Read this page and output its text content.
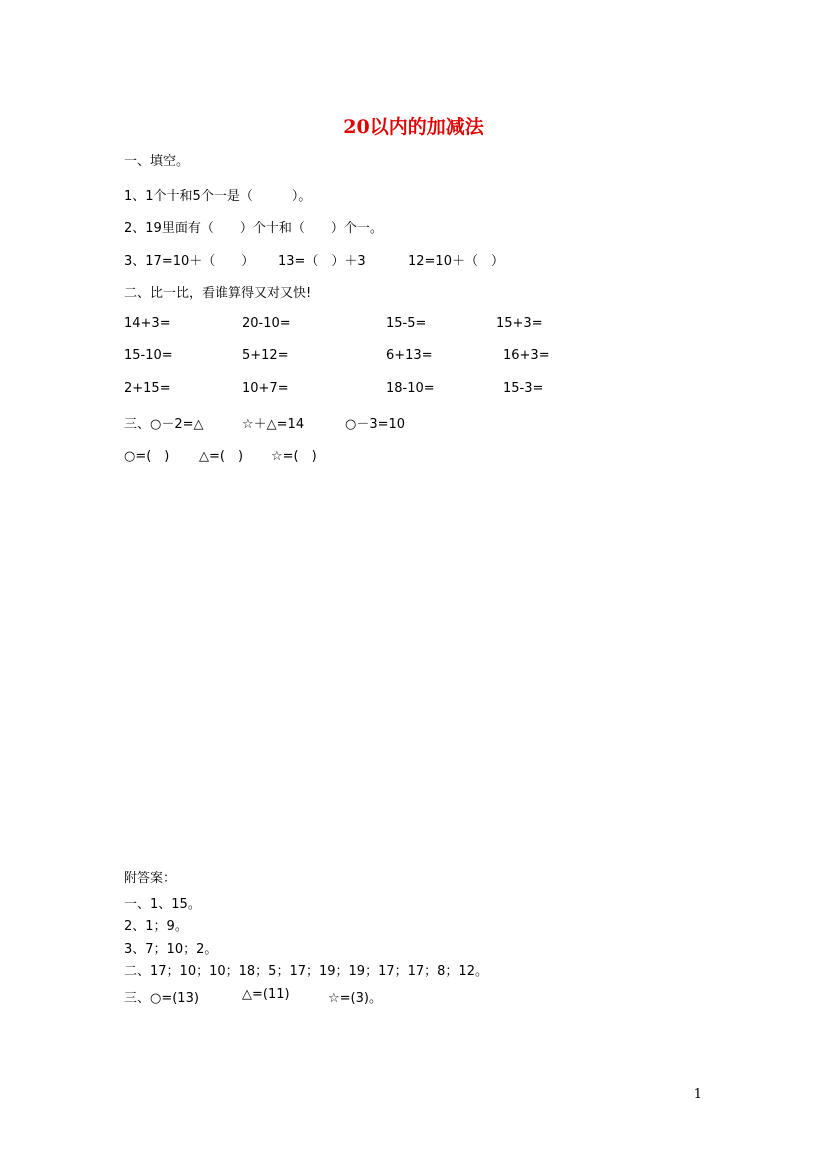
20以内的加减法
一、填空。
1、1个十和5个一是（　　　）。
2、19里面有（　　）个十和（　　）个一。
3、17=10＋（　　） 13=（　）＋3	12=10＋（　）
二、比一比，看谁算得又对又快!
14+3=	20-10=	15-5=	15+3=
15-10=	5+12=	6+13=	16+3=
2+15=	10+7=	18-10=	15-3=
三、○－2=△	☆＋△=14	○－3=10
○=(　) △=(　) ☆=(　)
附答案：
一、1、15。
2、1；9。
3、7；10；2。
二、17；10；10；18；5；17；19；19；17；17；8；12。
三、○=(13)	△=(11)	☆=(3)。
1
